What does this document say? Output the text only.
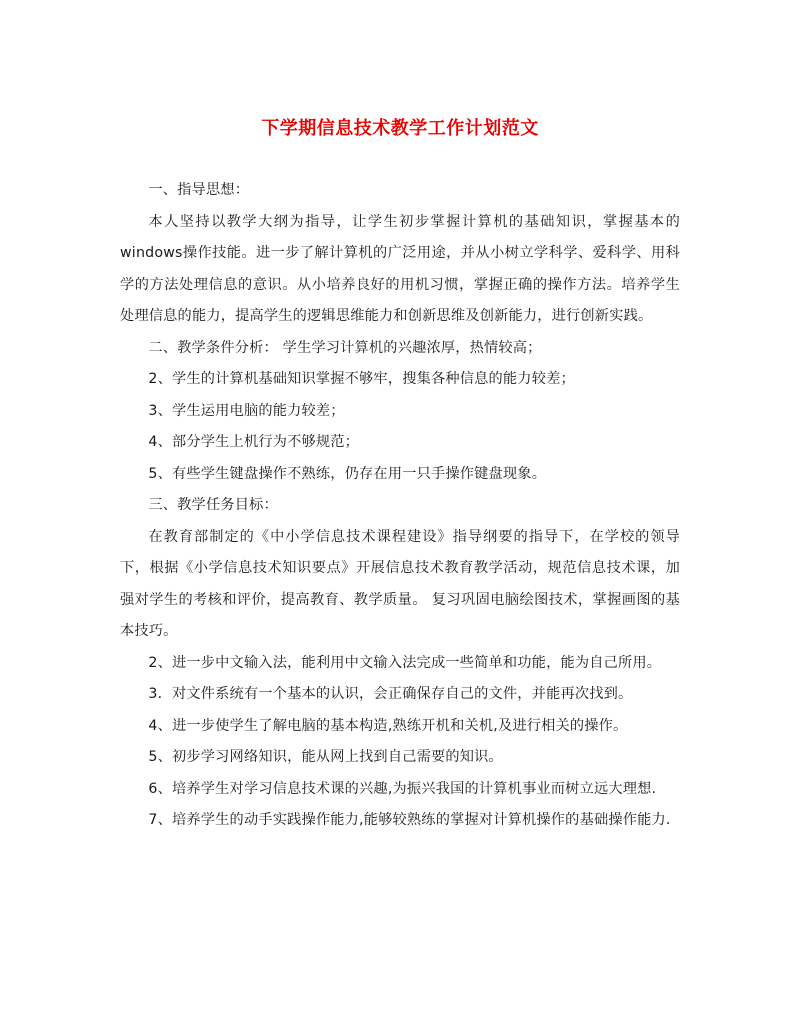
下学期信息技术教学工作计划范文

一、指导思想：

本人坚持以教学大纲为指导，让学生初步掌握计算机的基础知识，掌握基本的windows操作技能。进一步了解计算机的广泛用途，并从小树立学科学、爱科学、用科学的方法处理信息的意识。从小培养良好的用机习惯，掌握正确的操作方法。培养学生处理信息的能力，提高学生的逻辑思维能力和创新思维及创新能力，进行创新实践。

二、教学条件分析： 学生学习计算机的兴趣浓厚，热情较高；

2、学生的计算机基础知识掌握不够牢，搜集各种信息的能力较差；

3、学生运用电脑的能力较差；

4、部分学生上机行为不够规范；

5、有些学生键盘操作不熟练，仍存在用一只手操作键盘现象。

三、教学任务目标：

在教育部制定的《中小学信息技术课程建设》指导纲要的指导下，在学校的领导下，根据《小学信息技术知识要点》开展信息技术教育教学活动，规范信息技术课，加强对学生的考核和评价，提高教育、教学质量。 复习巩固电脑绘图技术，掌握画图的基本技巧。

2、进一步中文输入法，能利用中文输入法完成一些简单和功能，能为自己所用。

3．对文件系统有一个基本的认识，会正确保存自己的文件，并能再次找到。

4、进一步使学生了解电脑的基本构造,熟练开机和关机,及进行相关的操作。

5、初步学习网络知识，能从网上找到自己需要的知识。

6、培养学生对学习信息技术课的兴趣,为振兴我国的计算机事业而树立远大理想.

7、培养学生的动手实践操作能力,能够较熟练的掌握对计算机操作的基础操作能力.
